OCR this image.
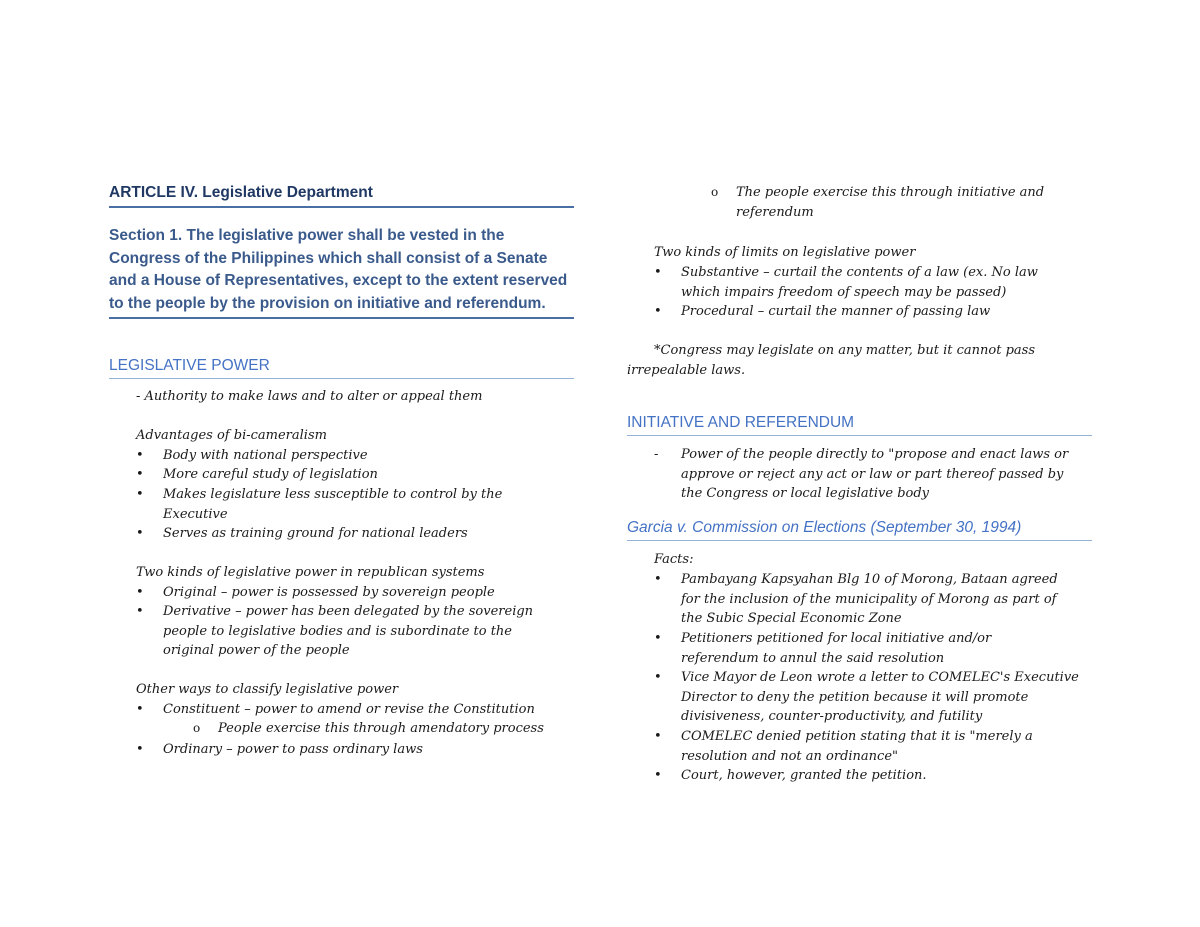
ARTICLE IV. Legislative Department
Section 1. The legislative power shall be vested in the Congress of the Philippines which shall consist of a Senate and a House of Representatives, except to the extent reserved to the people by the provision on initiative and referendum.
LEGISLATIVE POWER
- Authority to make laws and to alter or appeal them
Advantages of bi-cameralism
• Body with national perspective
• More careful study of legislation
• Makes legislature less susceptible to control by the Executive
• Serves as training ground for national leaders
Two kinds of legislative power in republican systems
• Original – power is possessed by sovereign people
• Derivative – power has been delegated by the sovereign people to legislative bodies and is subordinate to the original power of the people
Other ways to classify legislative power
• Constituent – power to amend or revise the Constitution
o People exercise this through amendatory process
• Ordinary – power to pass ordinary laws
o The people exercise this through initiative and referendum
Two kinds of limits on legislative power
• Substantive – curtail the contents of a law (ex. No law which impairs freedom of speech may be passed)
• Procedural – curtail the manner of passing law
*Congress may legislate on any matter, but it cannot pass irrepealable laws.
INITIATIVE AND REFERENDUM
- Power of the people directly to "propose and enact laws or approve or reject any act or law or part thereof passed by the Congress or local legislative body
Garcia v. Commission on Elections (September 30, 1994)
Facts:
• Pambayang Kapsyahan Blg 10 of Morong, Bataan agreed for the inclusion of the municipality of Morong as part of the Subic Special Economic Zone
• Petitioners petitioned for local initiative and/or referendum to annul the said resolution
• Vice Mayor de Leon wrote a letter to COMELEC's Executive Director to deny the petition because it will promote divisiveness, counter-productivity, and futility
• COMELEC denied petition stating that it is "merely a resolution and not an ordinance"
• Court, however, granted the petition.
